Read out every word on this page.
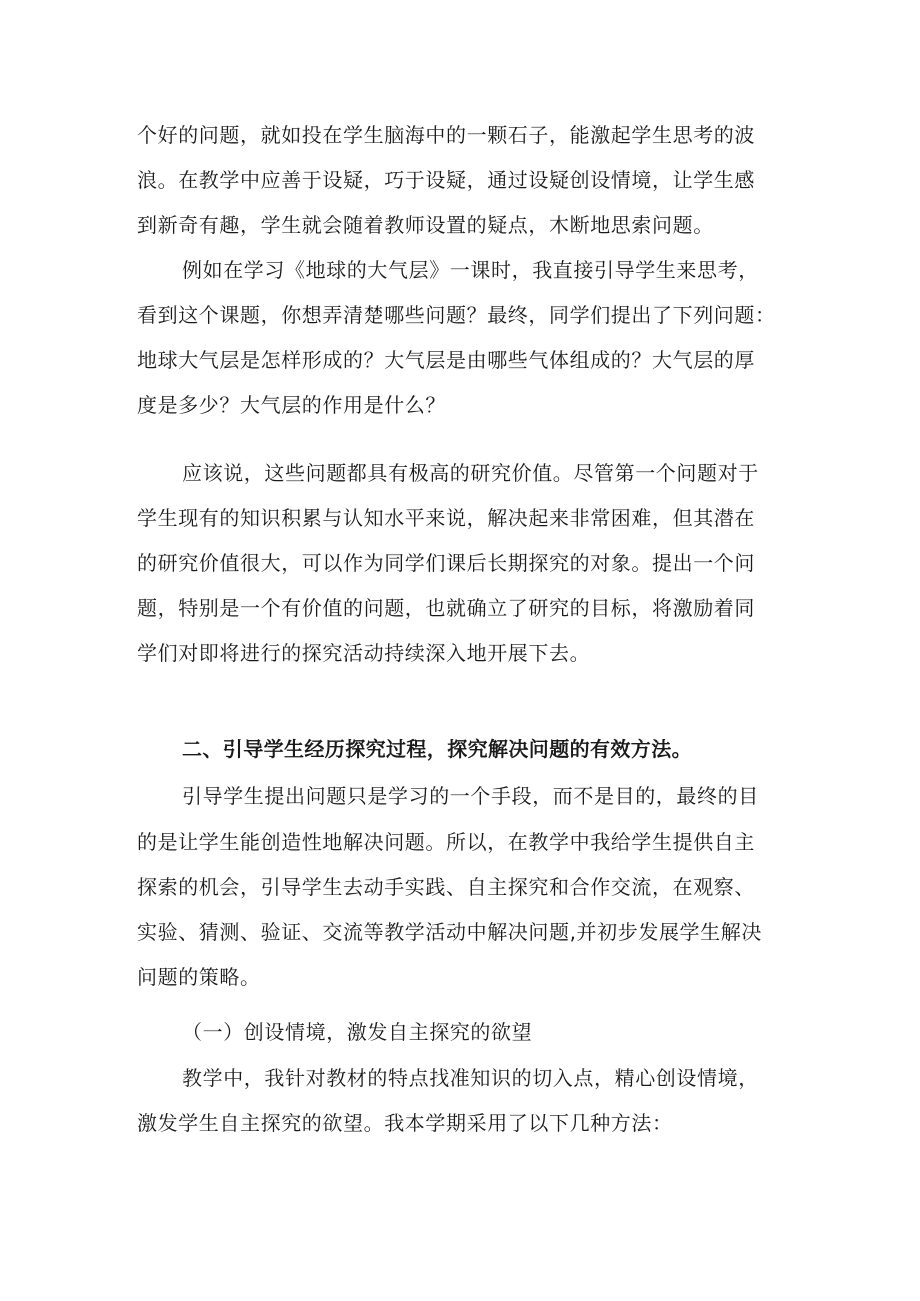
个好的问题，就如投在学生脑海中的一颗石子，能激起学生思考的波
浪。在教学中应善于设疑，巧于设疑，通过设疑创设情境，让学生感
到新奇有趣，学生就会随着教师设置的疑点，木断地思索问题。
例如在学习《地球的大气层》一课时，我直接引导学生来思考，
看到这个课题，你想弄清楚哪些问题？最终，同学们提出了下列问题：
地球大气层是怎样形成的？大气层是由哪些气体组成的？大气层的厚
度是多少？大气层的作用是什么？
应该说，这些问题都具有极高的研究价值。尽管第一个问题对于
学生现有的知识积累与认知水平来说，解决起来非常困难，但其潜在
的研究价值很大，可以作为同学们课后长期探究的对象。提出一个问
题，特别是一个有价值的问题，也就确立了研究的目标，将激励着同
学们对即将进行的探究活动持续深入地开展下去。
二、引导学生经历探究过程，探究解决问题的有效方法。
引导学生提出问题只是学习的一个手段，而不是目的，最终的目
的是让学生能创造性地解决问题。所以，在教学中我给学生提供自主
探索的机会，引导学生去动手实践、自主探究和合作交流，在观察、
实验、猜测、验证、交流等教学活动中解决问题,并初步发展学生解决
问题的策略。
（一）创设情境，激发自主探究的欲望
教学中，我针对教材的特点找准知识的切入点，精心创设情境，
激发学生自主探究的欲望。我本学期采用了以下几种方法：
